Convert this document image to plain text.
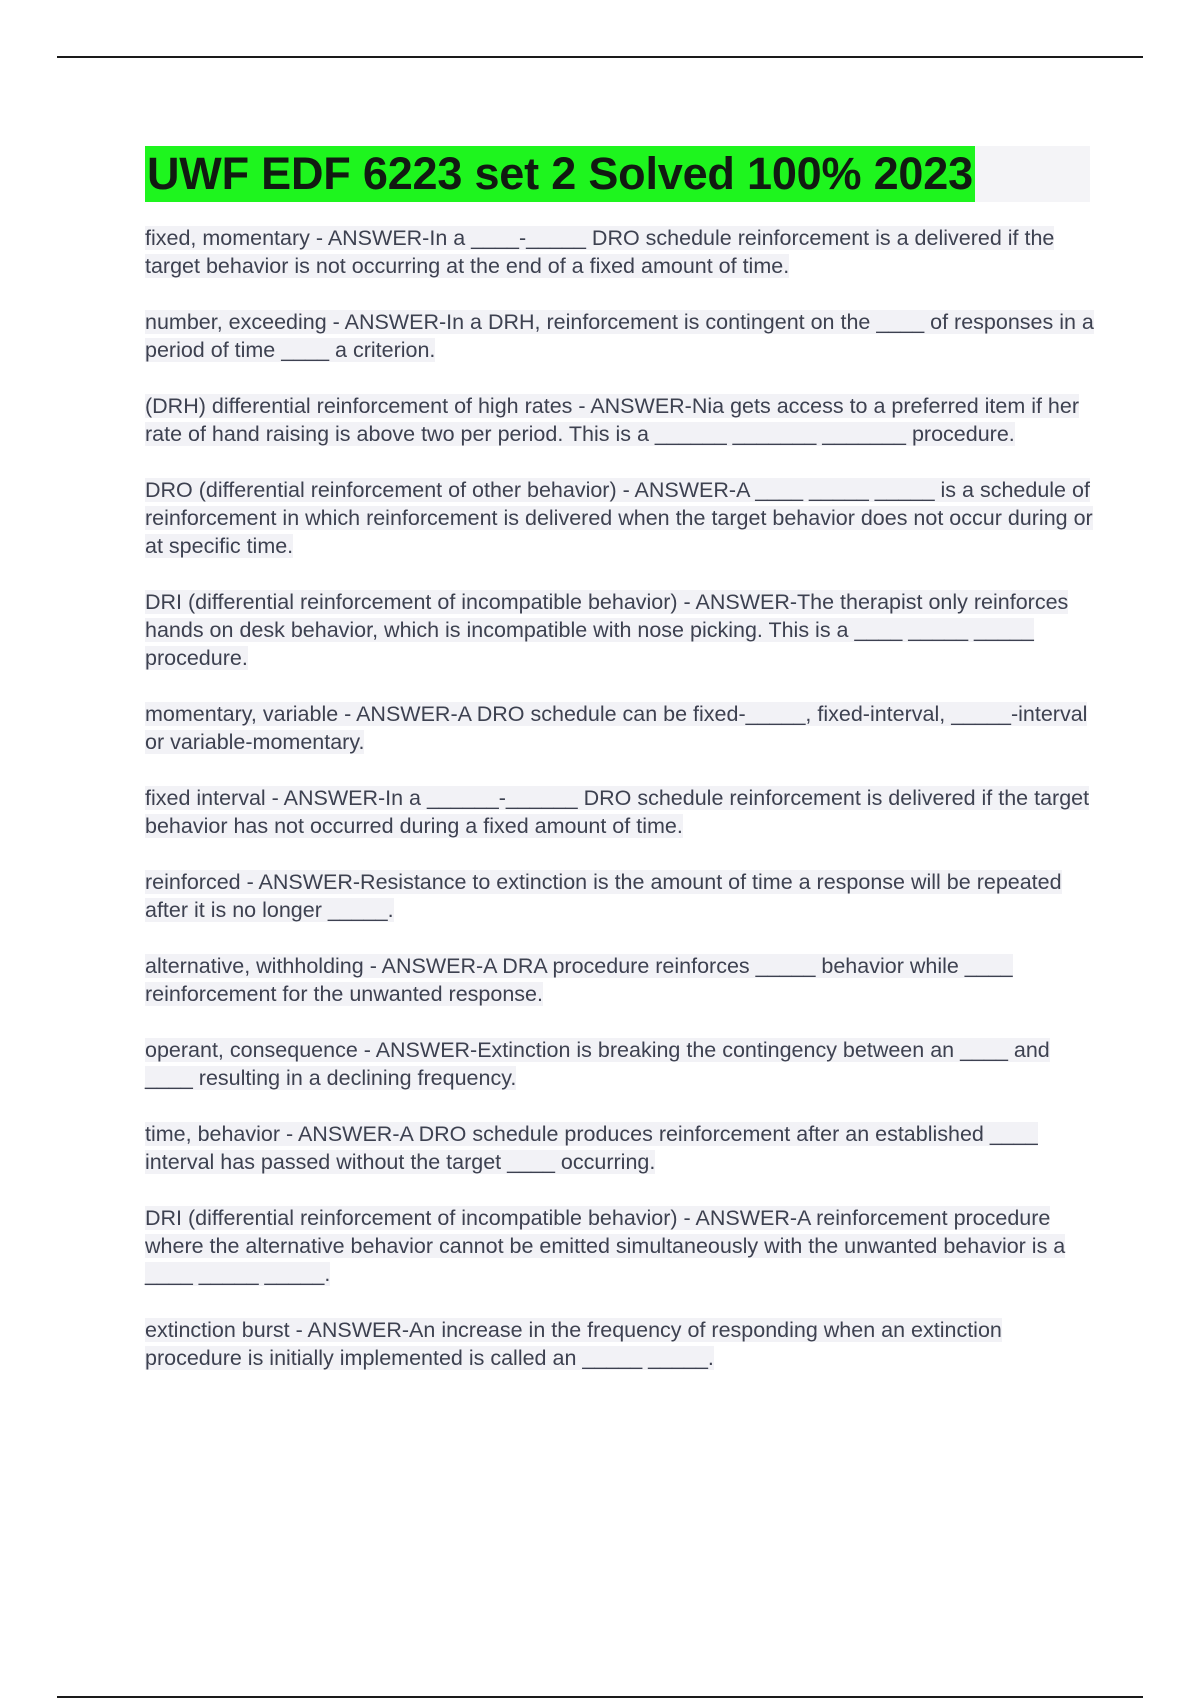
UWF EDF 6223 set 2 Solved 100% 2023

fixed, momentary - ANSWER-In a ____-_____ DRO schedule reinforcement is a delivered if the target behavior is not occurring at the end of a fixed amount of time.

number, exceeding - ANSWER-In a DRH, reinforcement is contingent on the ____ of responses in a period of time ____ a criterion.

(DRH) differential reinforcement of high rates - ANSWER-Nia gets access to a preferred item if her rate of hand raising is above two per period. This is a ______ _______ _______ procedure.

DRO (differential reinforcement of other behavior) - ANSWER-A ____ _____ _____ is a schedule of reinforcement in which reinforcement is delivered when the target behavior does not occur during or at specific time.

DRI (differential reinforcement of incompatible behavior) - ANSWER-The therapist only reinforces hands on desk behavior, which is incompatible with nose picking. This is a ____ _____ _____ procedure.

momentary, variable - ANSWER-A DRO schedule can be fixed-_____, fixed-interval, _____-interval or variable-momentary.

fixed interval - ANSWER-In a ______-______ DRO schedule reinforcement is delivered if the target behavior has not occurred during a fixed amount of time.

reinforced - ANSWER-Resistance to extinction is the amount of time a response will be repeated after it is no longer _____.

alternative, withholding - ANSWER-A DRA procedure reinforces _____ behavior while ____ reinforcement for the unwanted response.

operant, consequence - ANSWER-Extinction is breaking the contingency between an ____ and ____ resulting in a declining frequency.

time, behavior - ANSWER-A DRO schedule produces reinforcement after an established ____ interval has passed without the target ____ occurring.

DRI (differential reinforcement of incompatible behavior) - ANSWER-A reinforcement procedure where the alternative behavior cannot be emitted simultaneously with the unwanted behavior is a ____ _____ _____.

extinction burst - ANSWER-An increase in the frequency of responding when an extinction procedure is initially implemented is called an _____ _____.
